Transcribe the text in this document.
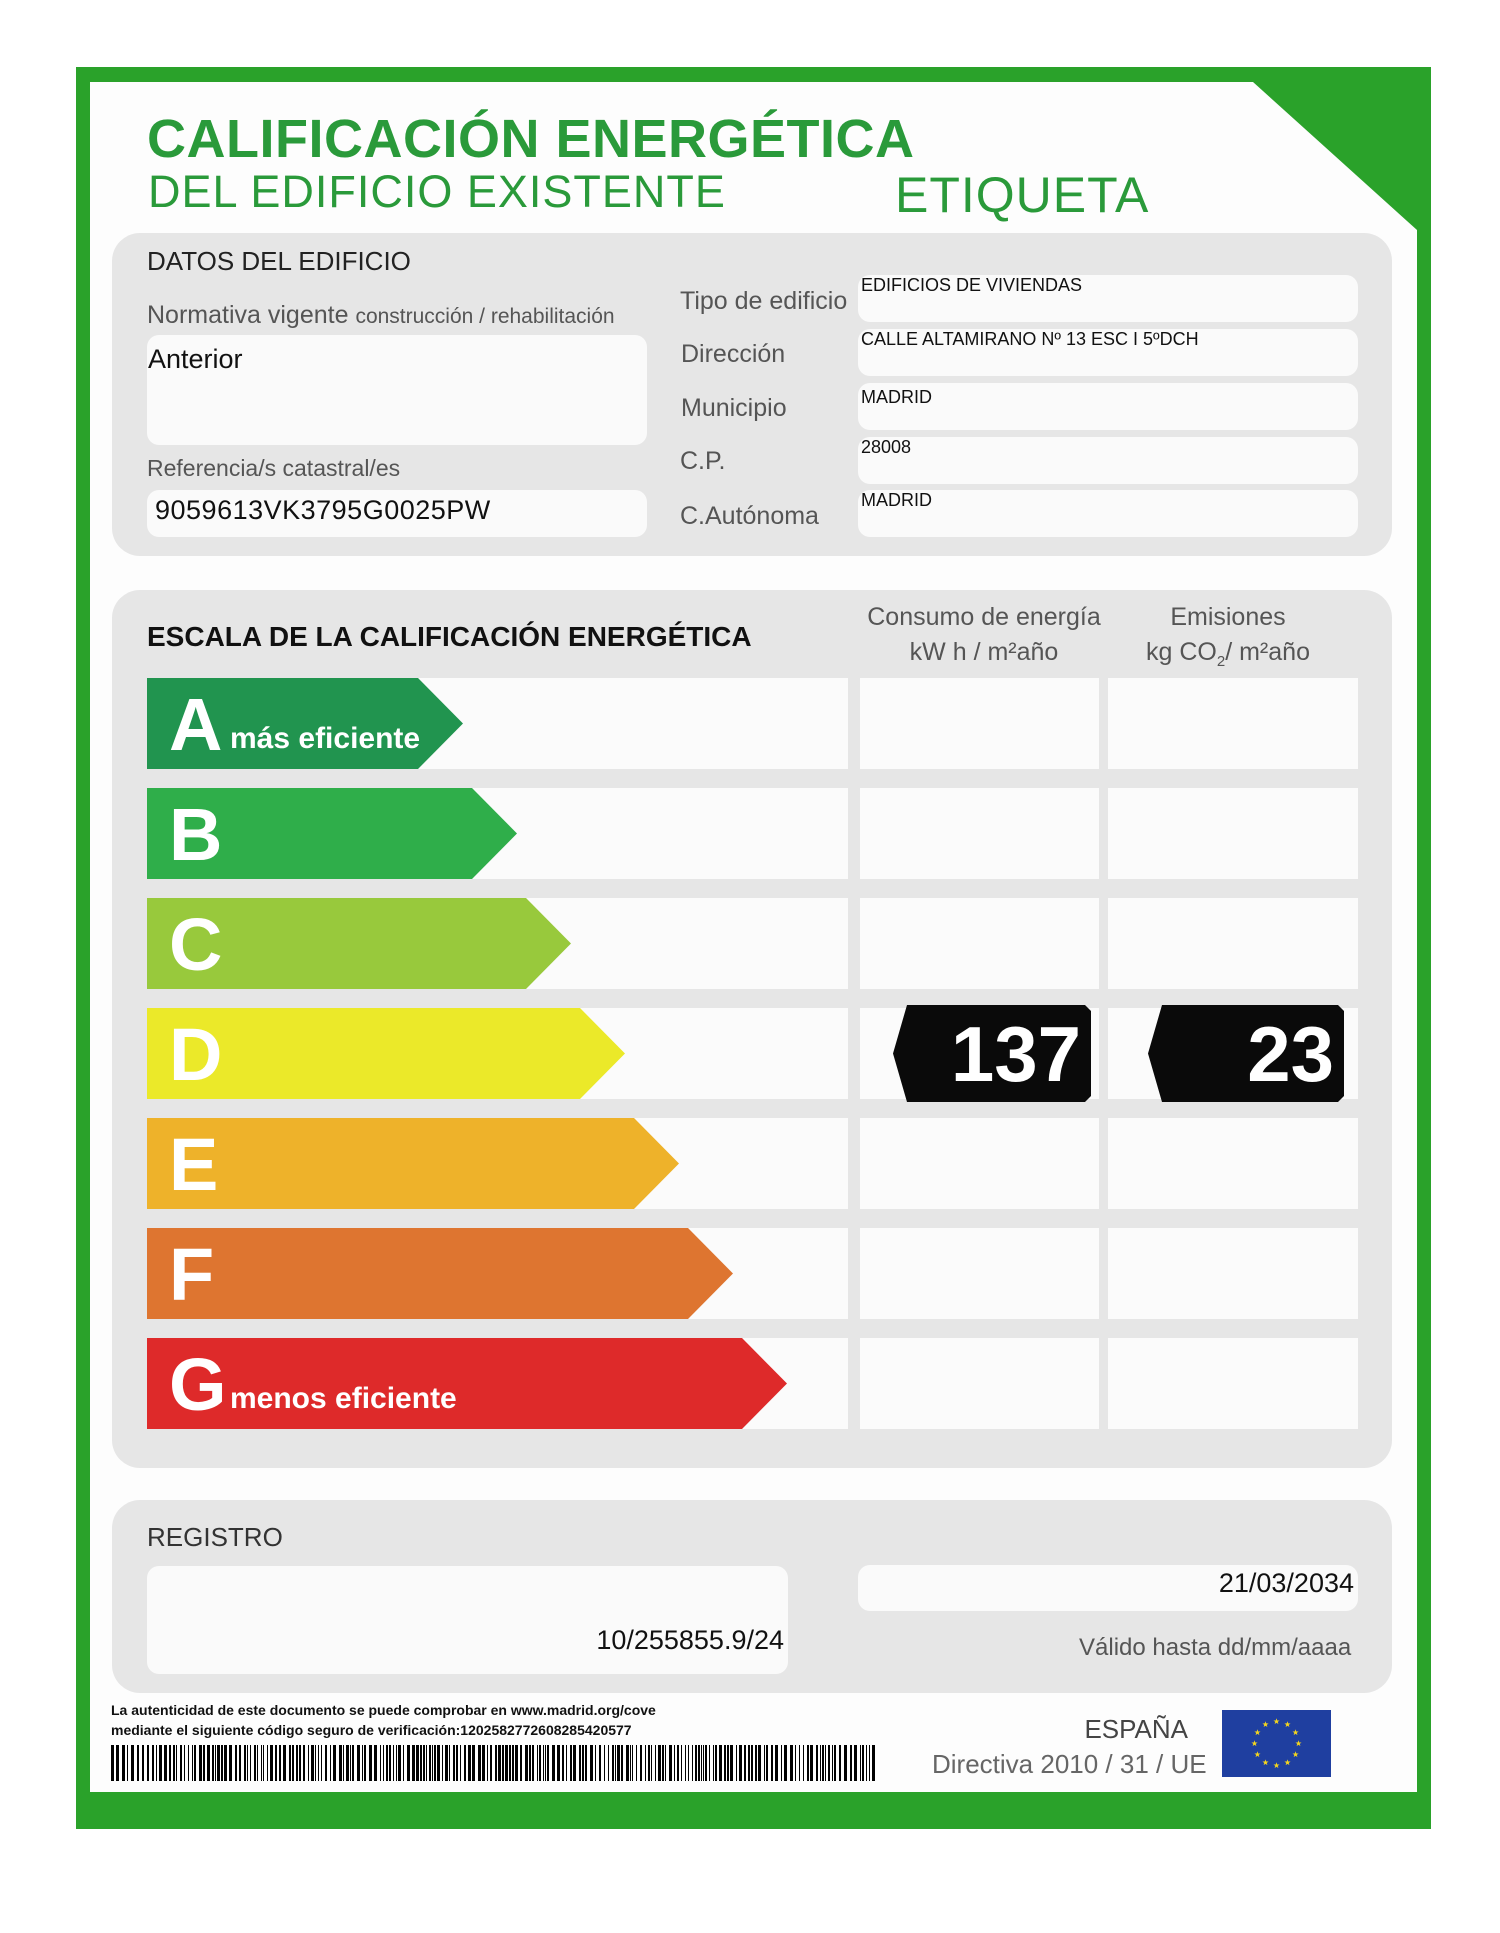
CALIFICACIÓN ENERGÉTICA
DEL EDIFICIO EXISTENTE	ETIQUETA
DATOS DEL EDIFICIO
Normativa vigente construcción / rehabilitación
Anterior
Referencia/s catastral/es
9059613VK3795G0025PW
Tipo de edificio
Dirección
Municipio
C.P.
C.Autónoma
EDIFICIOS DE VIVIENDAS
CALLE ALTAMIRANO Nº 13 ESC I 5ºDCH
MADRID
28008
MADRID
ESCALA DE LA CALIFICACIÓN ENERGÉTICA
Consumo de energía
kW h / m²año
Emisiones
kg $CO_2/$ m²año
A más eficiente
B
C
D
E
F
G menos eficiente
137 23
REGISTRO
10/255855.9/24
21/03/2034
Válido hasta dd/mm/aaaa
La autenticidad de este documento se puede comprobar en www.madrid.org/cove
mediante el siguiente código seguro de verificación:1202582772608285420577	ESPAÑA
Directiva 2010 / 31 / UE
